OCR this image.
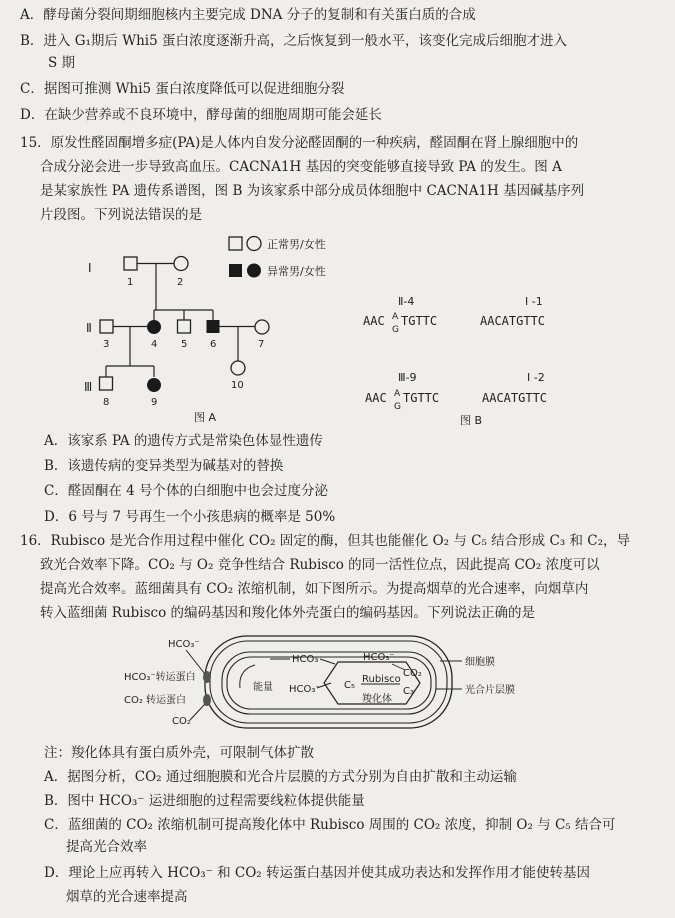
A．酵母菌分裂间期细胞核内主要完成 DNA 分子的复制和有关蛋白质的合成
B．进入 G₁期后 Whi5 蛋白浓度逐渐升高，之后恢复到一般水平，该变化完成后细胞才进入
S 期
C．据图可推测 Whi5 蛋白浓度降低可以促进细胞分裂
D．在缺少营养或不良环境中，酵母菌的细胞周期可能会延长
15．原发性醛固酮增多症(PA)是人体内自发分泌醛固酮的一种疾病，醛固酮在肾上腺细胞中的
合成分泌会进一步导致高血压。CACNA1H 基因的突变能够直接导致 PA 的发生。图 A
是某家族性 PA 遗传系谱图，图 B 为该家系中部分成员体细胞中 CACNA1H 基因碱基序列
片段图。下列说法错误的是
正常男/女性
异常男/女性
I
Ⅱ
Ⅲ
1	2
3	4 5 6	7
10
8	9
图 A
Ⅱ-4	I -1
AAC A
G
TGTTC	AACATGTTC
Ⅲ-9	I -2
AAC A
G
TGTTC	AACATGTTC
图 B
A．该家系 PA 的遗传方式是常染色体显性遗传
B．该遗传病的变异类型为碱基对的替换
C．醛固酮在 4 号个体的白细胞中也会过度分泌
D．6 号与 7 号再生一个小孩患病的概率是 50%
16．Rubisco 是光合作用过程中催化 CO₂ 固定的酶，但其也能催化 O₂ 与 C₅ 结合形成 C₃ 和 C₂，导
致光合效率下降。CO₂ 与 O₂ 竞争性结合 Rubisco 的同一活性位点，因此提高 CO₂ 浓度可以
提高光合效率。蓝细菌具有 CO₂ 浓缩机制，如下图所示。为提高烟草的光合速率，向烟草内
转入蓝细菌 Rubisco 的编码基因和羧化体外壳蛋白的编码基因。下列说法正确的是
HCO₃⁻
HCO₃⁻转运蛋白
CO₂ 转运蛋白
CO₂
能量
HCO₃⁻
HCO₃⁻
HCO₃⁻
Rubisco
C₅
C₃
CO₂
羧化体
细胞膜
光合片层膜
注：羧化体具有蛋白质外壳，可限制气体扩散
A．据图分析，CO₂ 通过细胞膜和光合片层膜的方式分别为自由扩散和主动运输
B．图中 HCO₃⁻ 运进细胞的过程需要线粒体提供能量
C．蓝细菌的 CO₂ 浓缩机制可提高羧化体中 Rubisco 周围的 CO₂ 浓度，抑制 O₂ 与 C₅ 结合可
提高光合效率
D．理论上应再转入 HCO₃⁻ 和 CO₂ 转运蛋白基因并使其成功表达和发挥作用才能使转基因
烟草的光合速率提高
